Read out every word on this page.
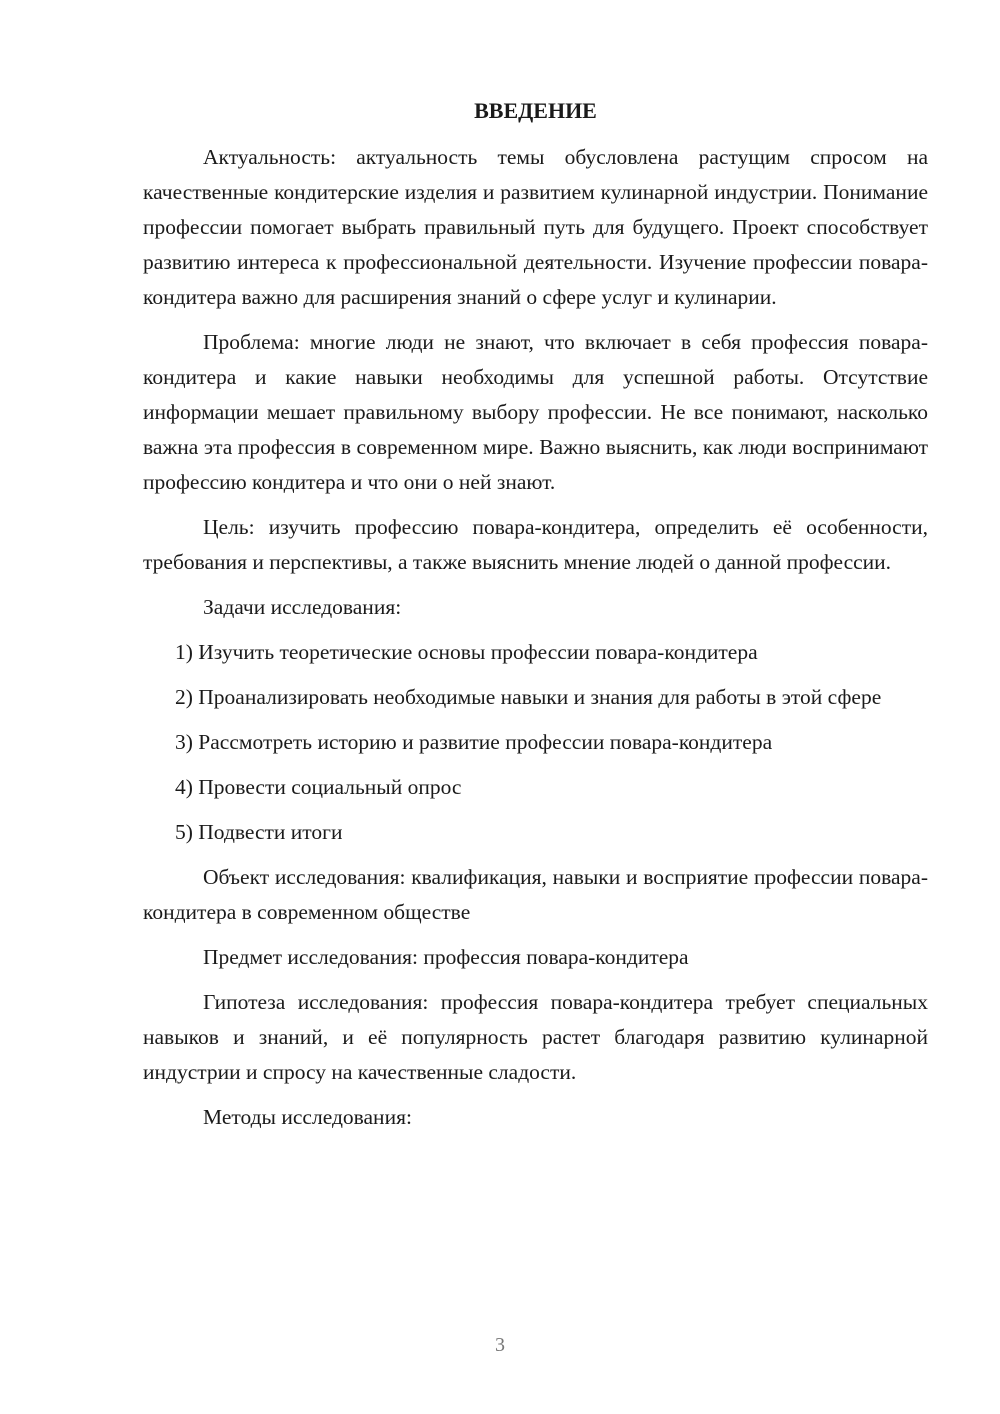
ВВЕДЕНИЕ

Актуальность: актуальность темы обусловлена растущим спросом на качественные кондитерские изделия и развитием кулинарной индустрии. Понимание профессии помогает выбрать правильный путь для будущего. Проект способствует развитию интереса к профессиональной деятельности. Изучение профессии повара-кондитера важно для расширения знаний о сфере услуг и кулинарии.

Проблема: многие люди не знают, что включает в себя профессия повара-кондитера и какие навыки необходимы для успешной работы. Отсутствие информации мешает правильному выбору профессии. Не все понимают, насколько важна эта профессия в современном мире. Важно выяснить, как люди воспринимают профессию кондитера и что они о ней знают.

Цель: изучить профессию повара-кондитера, определить её особенности, требования и перспективы, а также выяснить мнение людей о данной профессии.

Задачи исследования:

1) Изучить теоретические основы профессии повара-кондитера

2) Проанализировать необходимые навыки и знания для работы в этой сфере

3) Рассмотреть историю и развитие профессии повара-кондитера

4) Провести социальный опрос

5) Подвести итоги

Объект исследования: квалификация, навыки и восприятие профессии повара-кондитера в современном обществе

Предмет исследования: профессия повара-кондитера

Гипотеза исследования: профессия повара-кондитера требует специальных навыков и знаний, и её популярность растет благодаря развитию кулинарной индустрии и спросу на качественные сладости.

Методы исследования:

3
